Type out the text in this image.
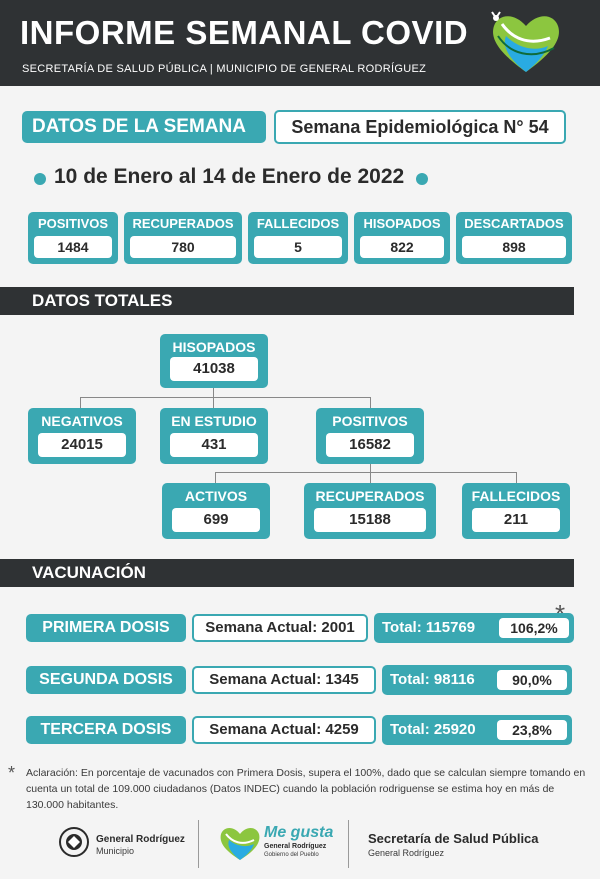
INFORME SEMANAL COVID
SECRETARÍA DE SALUD PÚBLICA | MUNICIPIO DE GENERAL RODRÍGUEZ
DATOS DE LA SEMANA	Semana Epidemiológica N° 54
10 de Enero al 14 de Enero de 2022
POSITIVOS
1484
RECUPERADOS
780
FALLECIDOS
5
HISOPADOS
822
DESCARTADOS
898
DATOS TOTALES
HISOPADOS
41038
NEGATIVOS
24015
EN ESTUDIO
431
POSITIVOS
16582
ACTIVOS
699
RECUPERADOS
15188
FALLECIDOS
211
VACUNACIÓN
PRIMERA DOSIS	Semana Actual: 2001	Total: 115769	106,2%
SEGUNDA DOSIS	Semana Actual: 1345	Total: 98116	90,0%
TERCERA DOSIS	Semana Actual: 4259	Total: 25920	23,8%
* Aclaración: En porcentaje de vacunados con Primera Dosis, supera el 100%, dado que se calculan siempre tomando en cuenta un total de 109.000 ciudadanos (Datos INDEC) cuando la población rodriguense se estima hoy en más de 130.000 habitantes.
General Rodríguez
Municipio
Me gusta
General Rodríguez
Gobierno del Pueblo
Secretaría de Salud Pública
General Rodríguez
